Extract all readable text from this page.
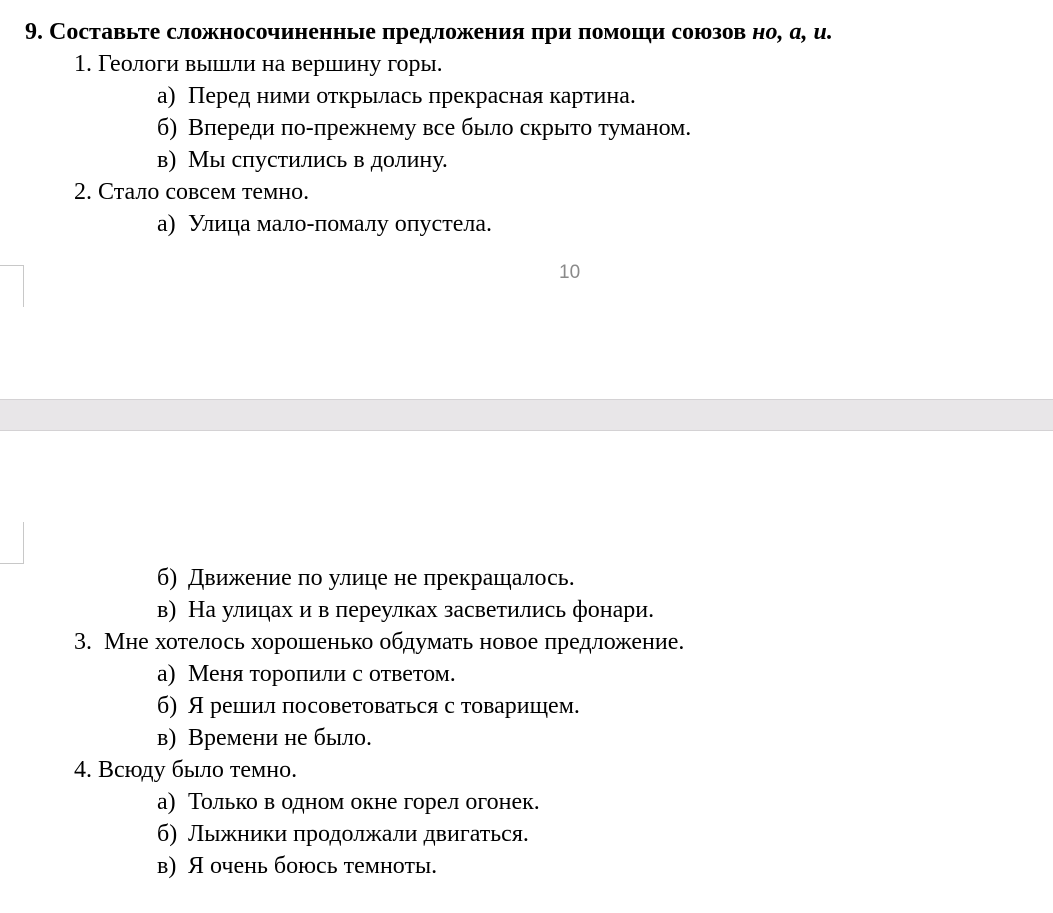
9. Составьте сложносочиненные предложения при помощи союзов но, а, и.
1. Геологи вышли на вершину горы.
а) Перед ними открылась прекрасная картина.
б) Впереди по-прежнему все было скрыто туманом.
в) Мы спустились в долину.
2. Стало совсем темно.
а) Улица мало-помалу опустела.
10
б) Движение по улице не прекращалось.
в) На улицах и в переулках засветились фонари.
3. Мне хотелось хорошенько обдумать новое предложение.
а) Меня торопили с ответом.
б) Я решил посоветоваться с товарищем.
в) Времени не было.
4. Всюду было темно.
а) Только в одном окне горел огонек.
б) Лыжники продолжали двигаться.
в) Я очень боюсь темноты.
